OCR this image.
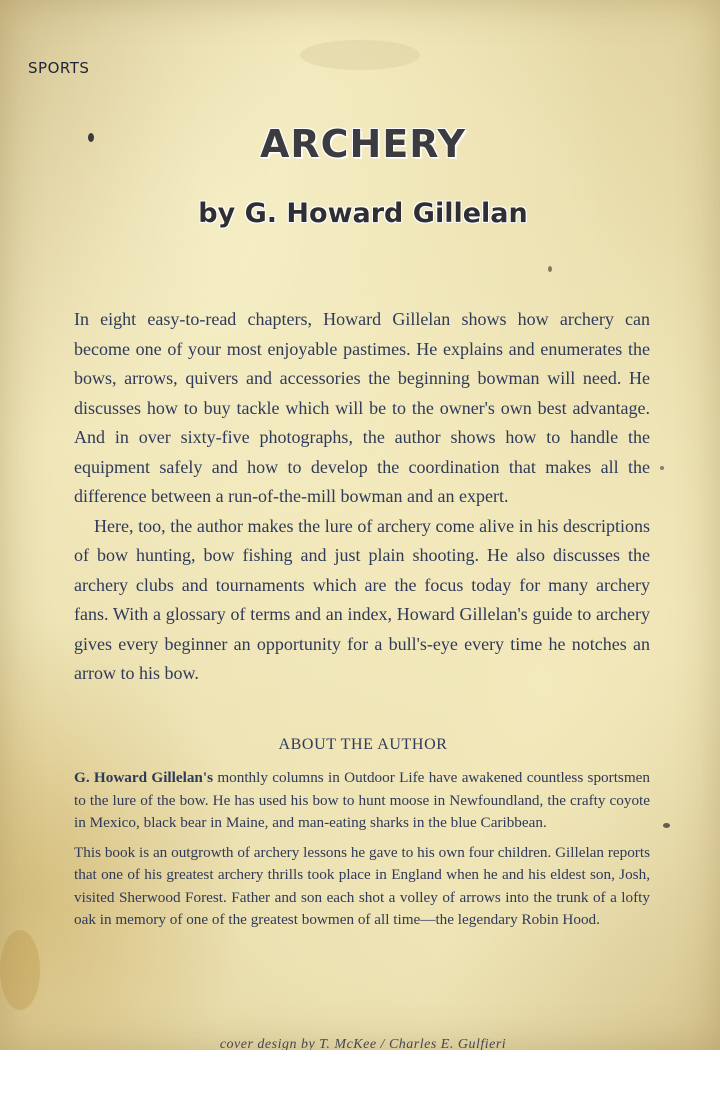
SPORTS
ARCHERY
by G. Howard Gillelan

In eight easy-to-read chapters, Howard Gillelan shows how archery can become one of your most enjoyable pastimes. He explains and enumerates the bows, arrows, quivers and accessories the beginning bowman will need. He discusses how to buy tackle which will be to the owner's own best advantage. And in over sixty-five photographs, the author shows how to handle the equipment safely and how to develop the coordination that makes all the difference between a run-of-the-mill bowman and an expert.

Here, too, the author makes the lure of archery come alive in his descriptions of bow hunting, bow fishing and just plain shooting. He also discusses the archery clubs and tournaments which are the focus today for many archery fans. With a glossary of terms and an index, Howard Gillelan's guide to archery gives every beginner an opportunity for a bull's-eye every time he notches an arrow to his bow.

ABOUT THE AUTHOR

G. Howard Gillelan's monthly columns in Outdoor Life have awakened countless sportsmen to the lure of the bow. He has used his bow to hunt moose in Newfoundland, the crafty coyote in Mexico, black bear in Maine, and man-eating sharks in the blue Caribbean.

This book is an outgrowth of archery lessons he gave to his own four children. Gillelan reports that one of his greatest archery thrills took place in England when he and his eldest son, Josh, visited Sherwood Forest. Father and son each shot a volley of arrows into the trunk of a lofty oak in memory of one of the greatest bowmen of all time—the legendary Robin Hood.

cover design by T. McKee / Charles E. Gulfieri
